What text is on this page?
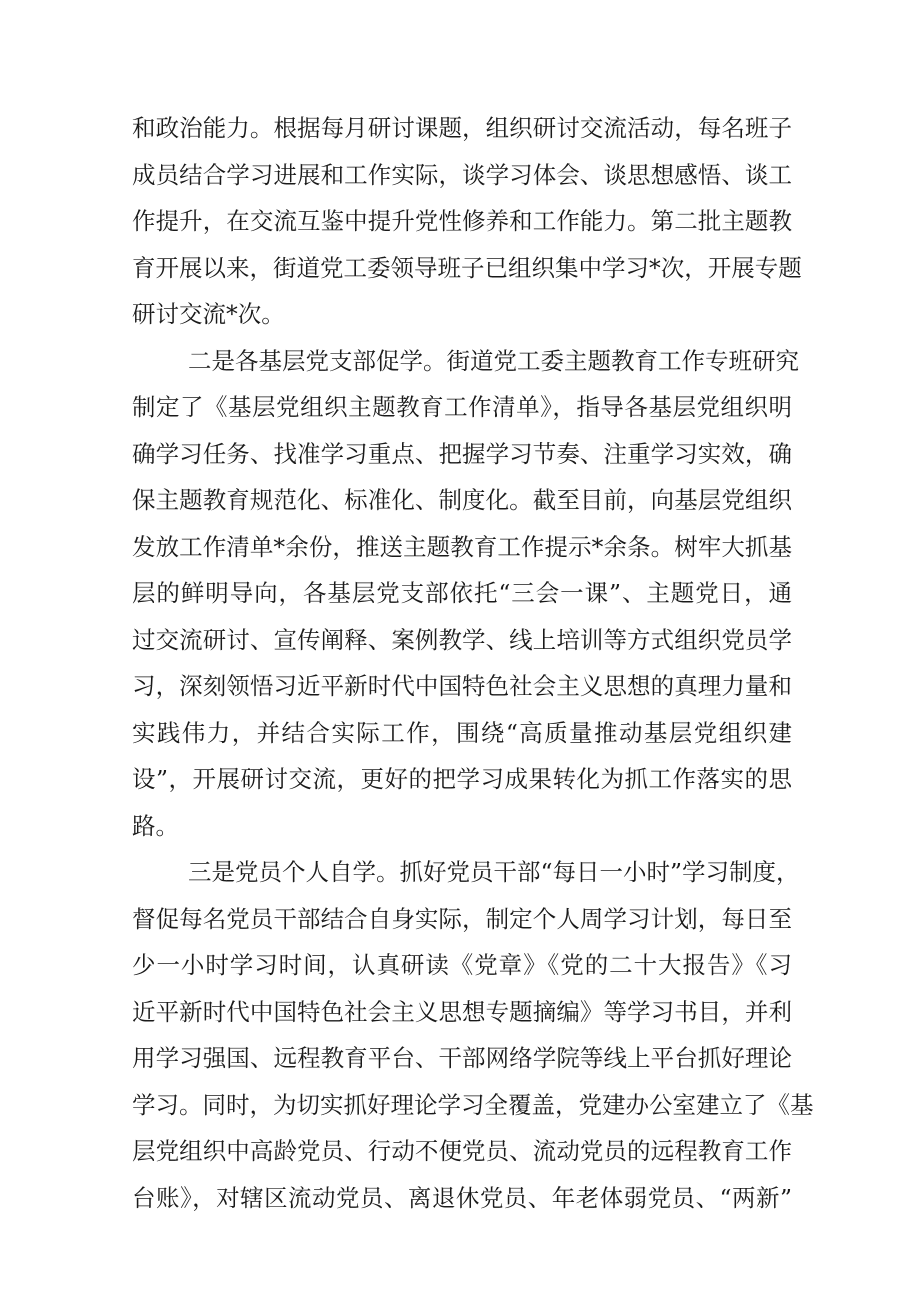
和政治能力。根据每月研讨课题，组织研讨交流活动，每名班子
成员结合学习进展和工作实际，谈学习体会、谈思想感悟、谈工
作提升，在交流互鉴中提升党性修养和工作能力。第二批主题教
育开展以来，街道党工委领导班子已组织集中学习*次，开展专题
研讨交流*次。
二是各基层党支部促学。街道党工委主题教育工作专班研究
制定了《基层党组织主题教育工作清单》，指导各基层党组织明
确学习任务、找准学习重点、把握学习节奏、注重学习实效，确
保主题教育规范化、标准化、制度化。截至目前，向基层党组织
发放工作清单*余份，推送主题教育工作提示*余条。树牢大抓基
层的鲜明导向，各基层党支部依托“三会一课”、主题党日，通
过交流研讨、宣传阐释、案例教学、线上培训等方式组织党员学
习，深刻领悟习近平新时代中国特色社会主义思想的真理力量和
实践伟力，并结合实际工作，围绕“高质量推动基层党组织建
设”，开展研讨交流，更好的把学习成果转化为抓工作落实的思
路。
三是党员个人自学。抓好党员干部“每日一小时”学习制度，
督促每名党员干部结合自身实际，制定个人周学习计划，每日至
少一小时学习时间，认真研读《党章》《党的二十大报告》《习
近平新时代中国特色社会主义思想专题摘编》等学习书目，并利
用学习强国、远程教育平台、干部网络学院等线上平台抓好理论
学习。同时，为切实抓好理论学习全覆盖，党建办公室建立了《基
层党组织中高龄党员、行动不便党员、流动党员的远程教育工作
台账》，对辖区流动党员、离退休党员、年老体弱党员、“两新”
